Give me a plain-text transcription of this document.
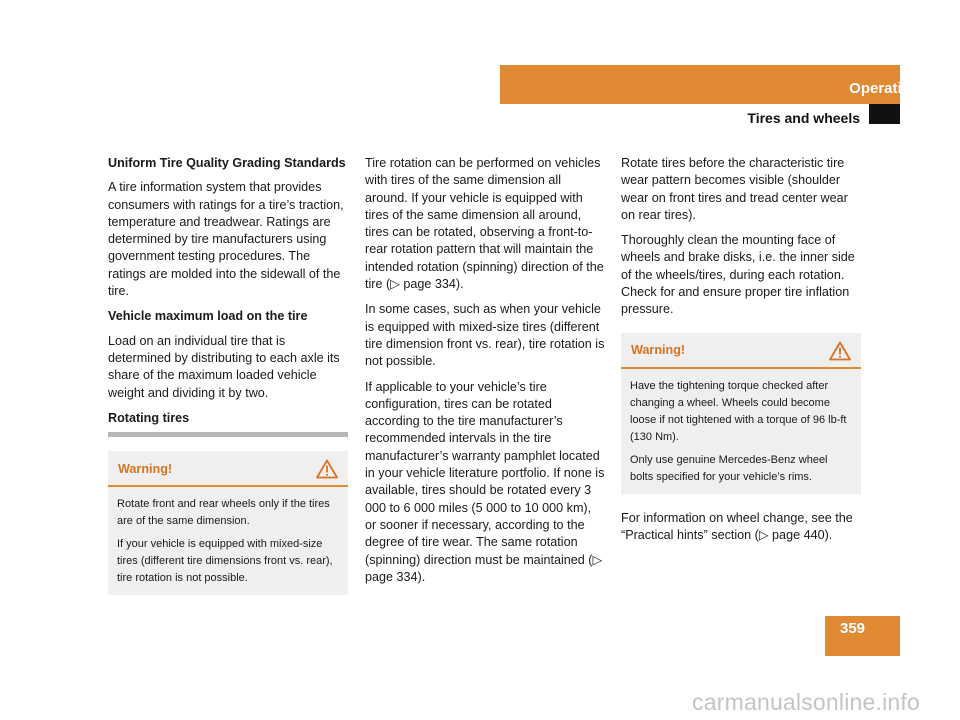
Operation
Tires and wheels
Uniform Tire Quality Grading Standards

A tire information system that provides consumers with ratings for a tire’s traction, temperature and treadwear. Ratings are determined by tire manufacturers using government testing procedures. The ratings are molded into the sidewall of the tire.

Vehicle maximum load on the tire

Load on an individual tire that is determined by distributing to each axle its share of the maximum loaded vehicle weight and dividing it by two.

Rotating tires
Warning!

Rotate front and rear wheels only if the tires are of the same dimension.

If your vehicle is equipped with mixed-size tires (different tire dimensions front vs. rear), tire rotation is not possible.

Tire rotation can be performed on vehicles with tires of the same dimension all around. If your vehicle is equipped with tires of the same dimension all around, tires can be rotated, observing a front-to-rear rotation pattern that will maintain the intended rotation (spinning) direction of the tire (▷ page 334).

In some cases, such as when your vehicle is equipped with mixed-size tires (different tire dimension front vs. rear), tire rotation is not possible.

If applicable to your vehicle’s tire configuration, tires can be rotated according to the tire manufacturer’s recommended intervals in the tire manufacturer’s warranty pamphlet located in your vehicle literature portfolio. If none is available, tires should be rotated every 3 000 to 6 000 miles (5 000 to 10 000 km), or sooner if necessary, according to the degree of tire wear. The same rotation (spinning) direction must be maintained (▷ page 334).

Rotate tires before the characteristic tire wear pattern becomes visible (shoulder wear on front tires and tread center wear on rear tires).

Thoroughly clean the mounting face of wheels and brake disks, i.e. the inner side of the wheels/tires, during each rotation. Check for and ensure proper tire inflation pressure.

Warning!

Have the tightening torque checked after changing a wheel. Wheels could become loose if not tightened with a torque of 96 lb-ft (130 Nm).

Only use genuine Mercedes-Benz wheel bolts specified for your vehicle’s rims.

For information on wheel change, see the “Practical hints” section (▷ page 440).

359
carmanualsonline.info
